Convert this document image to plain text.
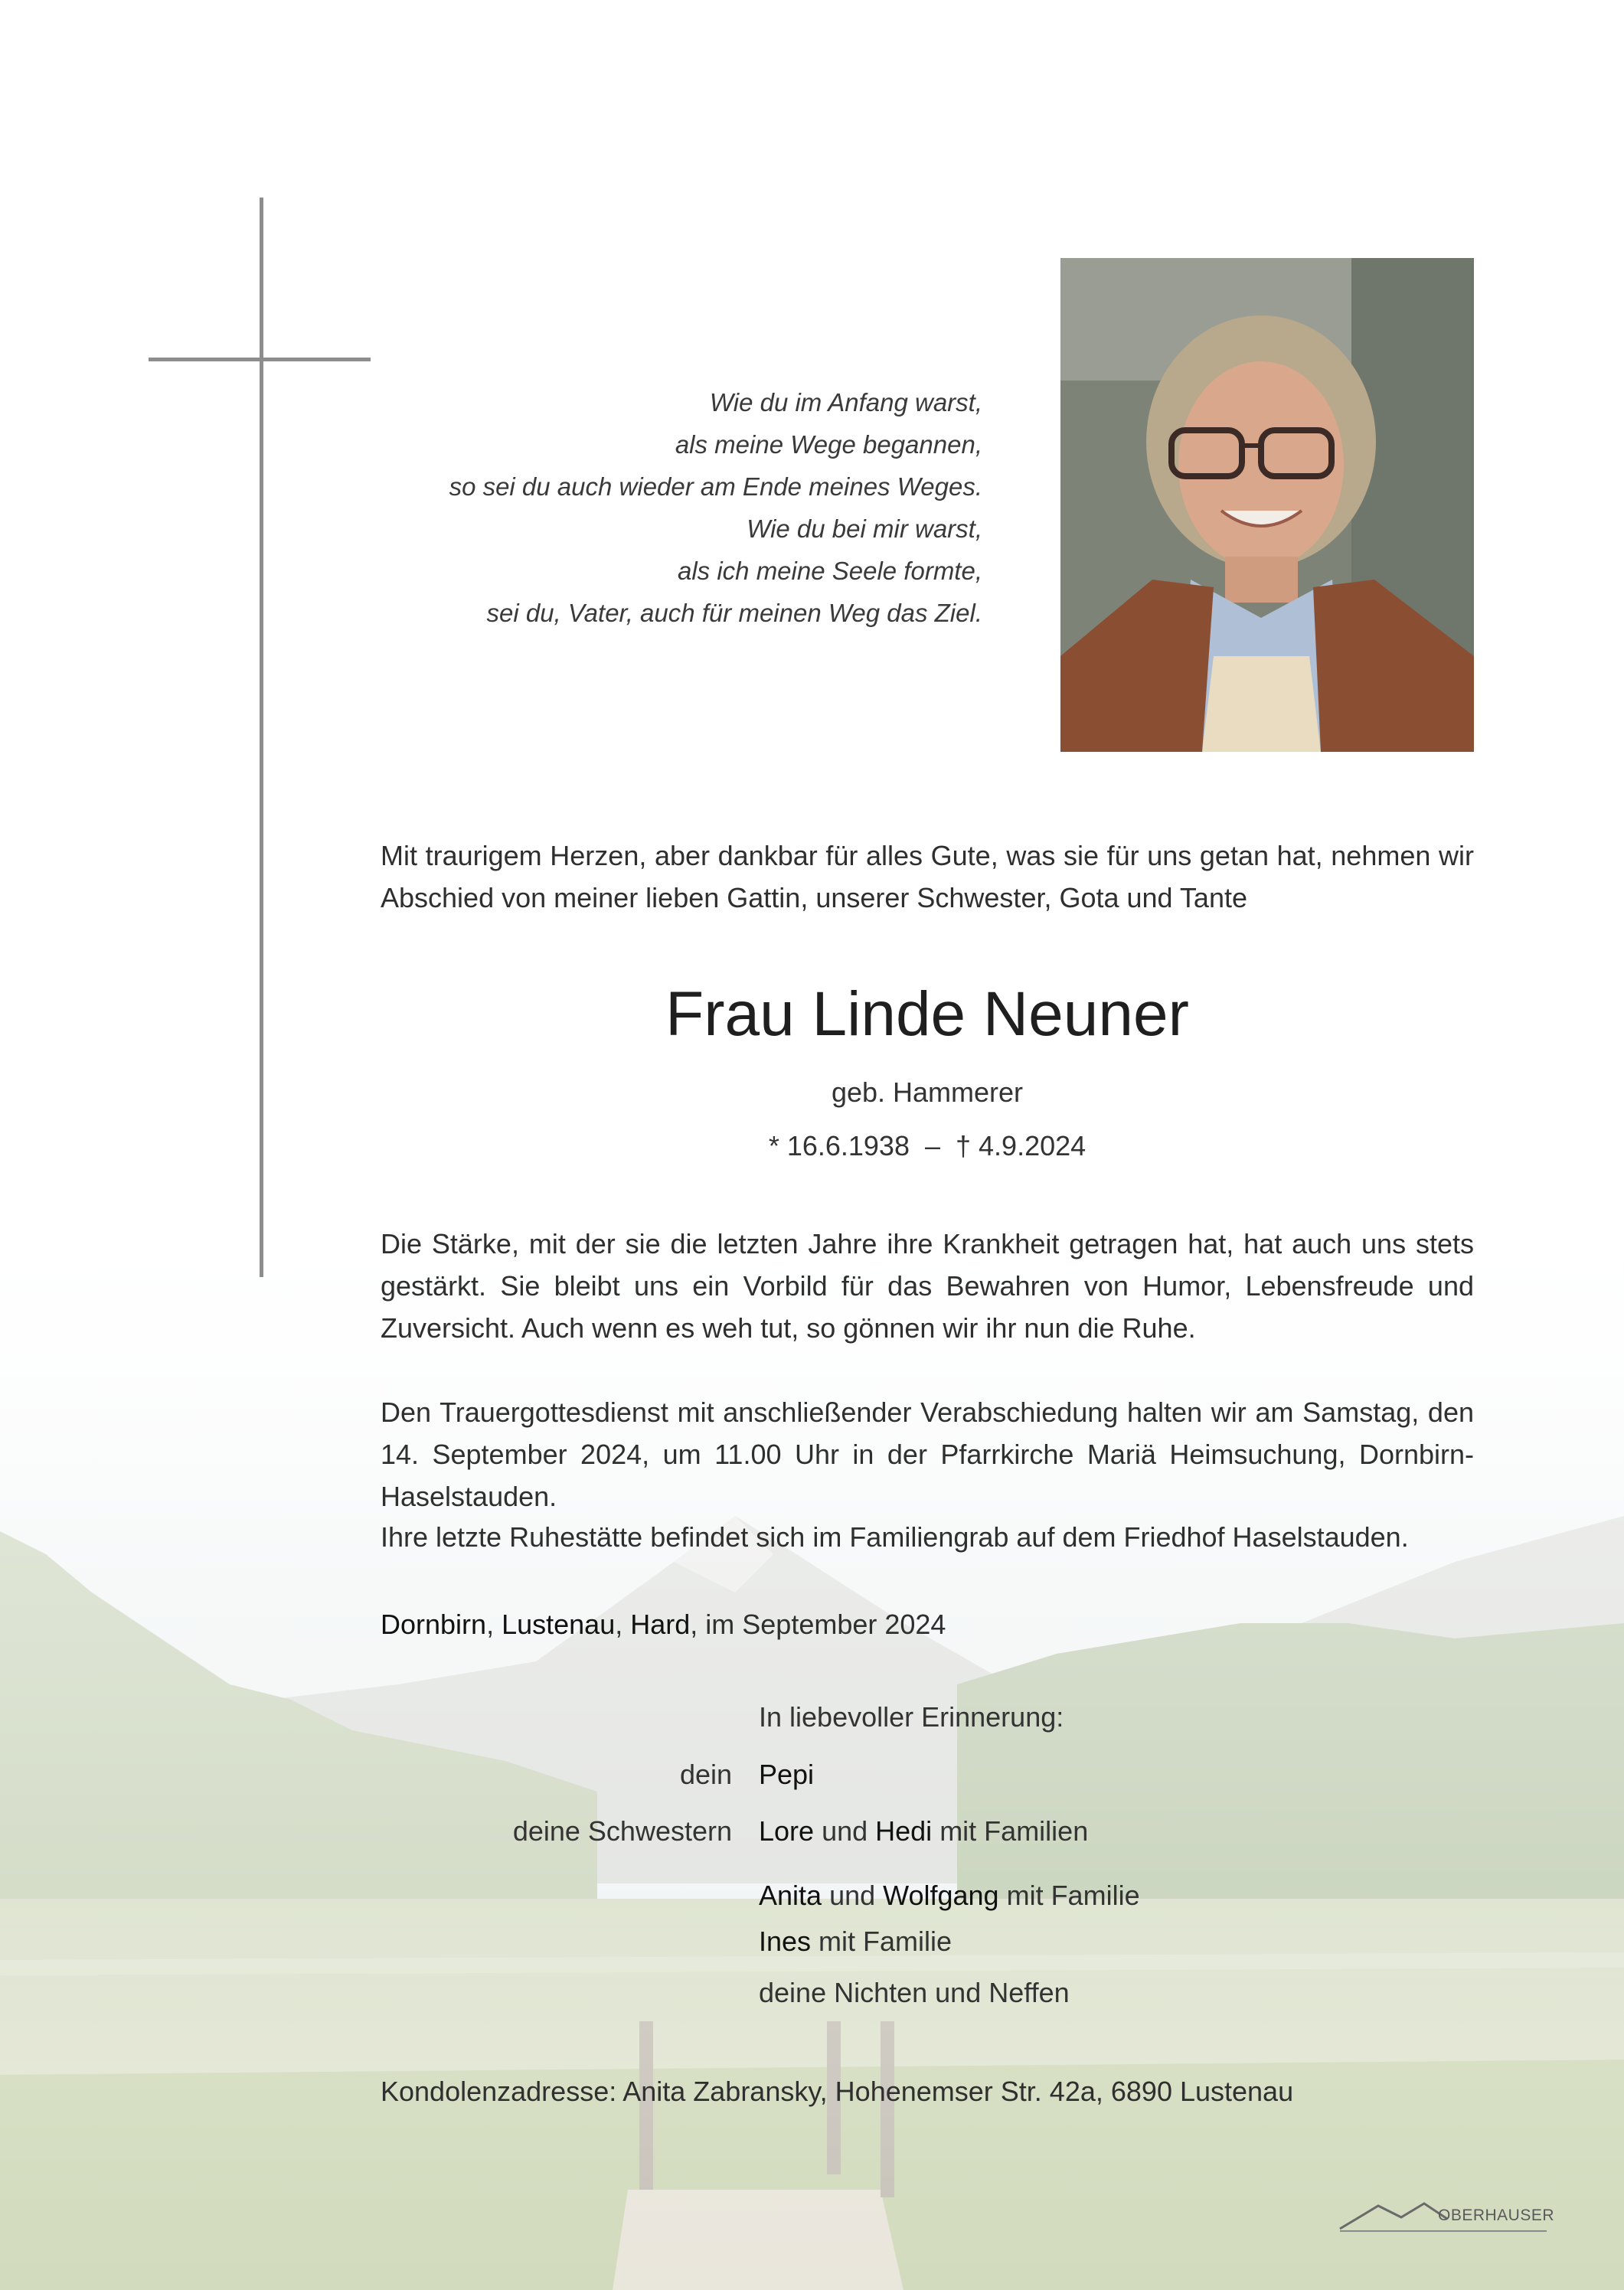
Wie du im Anfang warst,
als meine Wege begannen,
so sei du auch wieder am Ende meines Weges.
Wie du bei mir warst,
als ich meine Seele formte,
sei du, Vater, auch für meinen Weg das Ziel.
Mit traurigem Herzen, aber dankbar für alles Gute, was sie für uns getan hat, nehmen wir
Abschied von meiner lieben Gattin, unserer Schwester, Gota und Tante
Frau Linde Neuner
geb. Hammerer
* 16.6.1938  –  † 4.9.2024
Die Stärke, mit der sie die letzten Jahre ihre Krankheit getragen hat, hat auch uns stets gestärkt. Sie bleibt uns ein Vorbild für das Bewahren von Humor, Lebensfreude und Zuversicht. Auch wenn es weh tut, so gönnen wir ihr nun die Ruhe.
Den Trauergottesdienst mit anschließender Verabschiedung halten wir am Samstag, den 14. September 2024, um 11.00 Uhr in der Pfarrkirche Mariä Heimsuchung, Dornbirn-Haselstauden.
Ihre letzte Ruhestätte befindet sich im Familiengrab auf dem Friedhof Haselstauden.
Dornbirn, Lustenau, Hard, im September 2024
In liebevoller Erinnerung:
dein Pepi
deine Schwestern Lore und Hedi mit Familien
Anita und Wolfgang mit Familie
Ines mit Familie
deine Nichten und Neffen
Kondolenzadresse: Anita Zabransky, Hohenemser Str. 42a, 6890 Lustenau
OBERHAUSER
